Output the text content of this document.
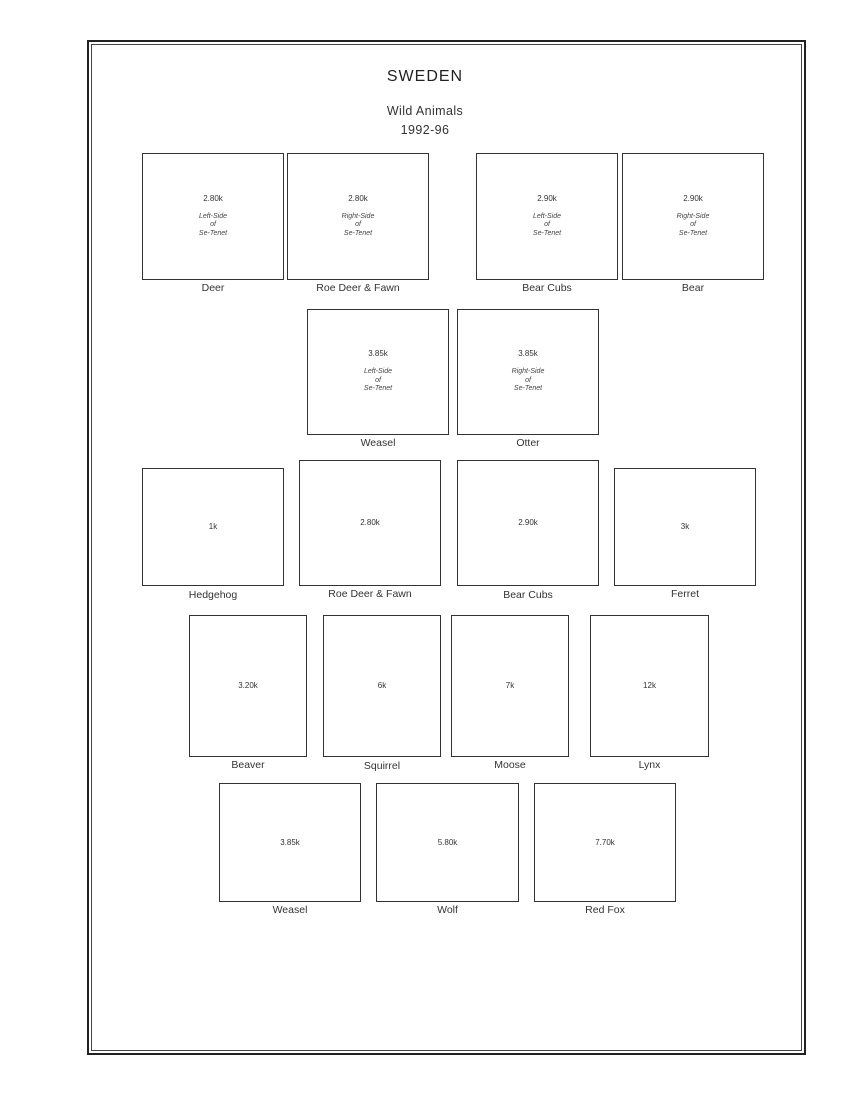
SWEDEN
Wild Animals
1992-96
2.80k
Left-Side
of
Se-Tenet
Deer
2.80k
Right-Side
of
Se-Tenet
Roe Deer & Fawn
2.90k
Left-Side
of
Se-Tenet
Bear Cubs
2.90k
Right-Side
of
Se-Tenet
Bear
3.85k
Left-Side
of
Se-Tenet
Weasel
3.85k
Right-Side
of
Se-Tenet
Otter
1k
Hedgehog
2.80k
Roe Deer & Fawn
2.90k
Bear Cubs
3k
Ferret
3.20k
Beaver
6k
Squirrel
7k
Moose
12k
Lynx
3.85k
Weasel
5.80k
Wolf
7.70k
Red Fox
